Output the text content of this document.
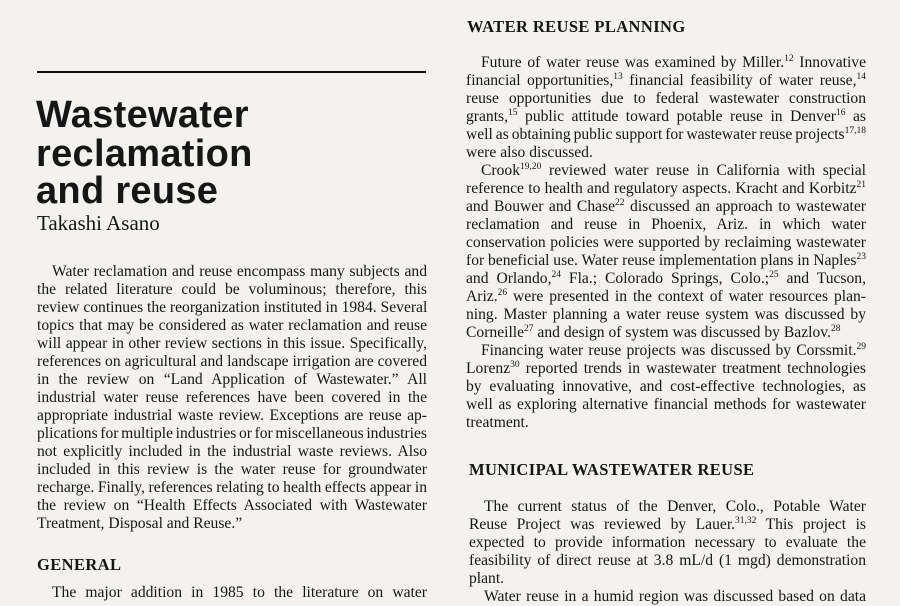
Wastewater
reclamation
and reuse
Takashi Asano
GENERAL
WATER REUSE PLANNING
MUNICIPAL WASTEWATER REUSE
Water reclamation and reuse encompass many subjects and
the related literature could be voluminous; therefore, this
review continues the reorganization instituted in 1984. Several
topics that may be considered as water reclamation and reuse
will appear in other review sections in this issue. Specifically,
references on agricultural and landscape irrigation are covered
in the review on “Land Application of Wastewater.” All
industrial water reuse references have been covered in the
appropriate industrial waste review. Exceptions are reuse ap-
plications for multiple industries or for miscellaneous industries
not explicitly included in the industrial waste reviews. Also
included in this review is the water reuse for groundwater
recharge. Finally, references relating to health effects appear in
the review on “Health Effects Associated with Wastewater
Treatment, Disposal and Reuse.”
The major addition in 1985 to the literature on water
Future of water reuse was examined by Miller.$^{12}$ Innovative
financial opportunities,$^{13}$ financial feasibility of water reuse,$^{14}$
reuse opportunities due to federal wastewater construction
grants,$^{15}$ public attitude toward potable reuse in Denver$^{16}$ as
well as obtaining public support for wastewater reuse projects$^{17,18}$
were also discussed.
Crook$^{19,20}$ reviewed water reuse in California with special
reference to health and regulatory aspects. Kracht and Korbitz$^{21}$
and Bouwer and Chase$^{22}$ discussed an approach to wastewater
reclamation and reuse in Phoenix, Ariz. in which water
conservation policies were supported by reclaiming wastewater
for beneficial use. Water reuse implementation plans in Naples$^{23}$
and Orlando,$^{24}$ Fla.; Colorado Springs, Colo.;$^{25}$ and Tucson,
Ariz.$^{26}$ were presented in the context of water resources plan-
ning. Master planning a water reuse system was discussed by
Corneille$^{27}$ and design of system was discussed by Bazlov.$^{28}$
Financing water reuse projects was discussed by Corssmit.$^{29}$
Lorenz$^{30}$ reported trends in wastewater treatment technologies
by evaluating innovative, and cost-effective technologies, as
well as exploring alternative financial methods for wastewater
treatment.
The current status of the Denver, Colo., Potable Water
Reuse Project was reviewed by Lauer.$^{31,32}$ This project is
expected to provide information necessary to evaluate the
feasibility of direct reuse at 3.8 mL/d (1 mgd) demonstration
plant.
Water reuse in a humid region was discussed based on data
